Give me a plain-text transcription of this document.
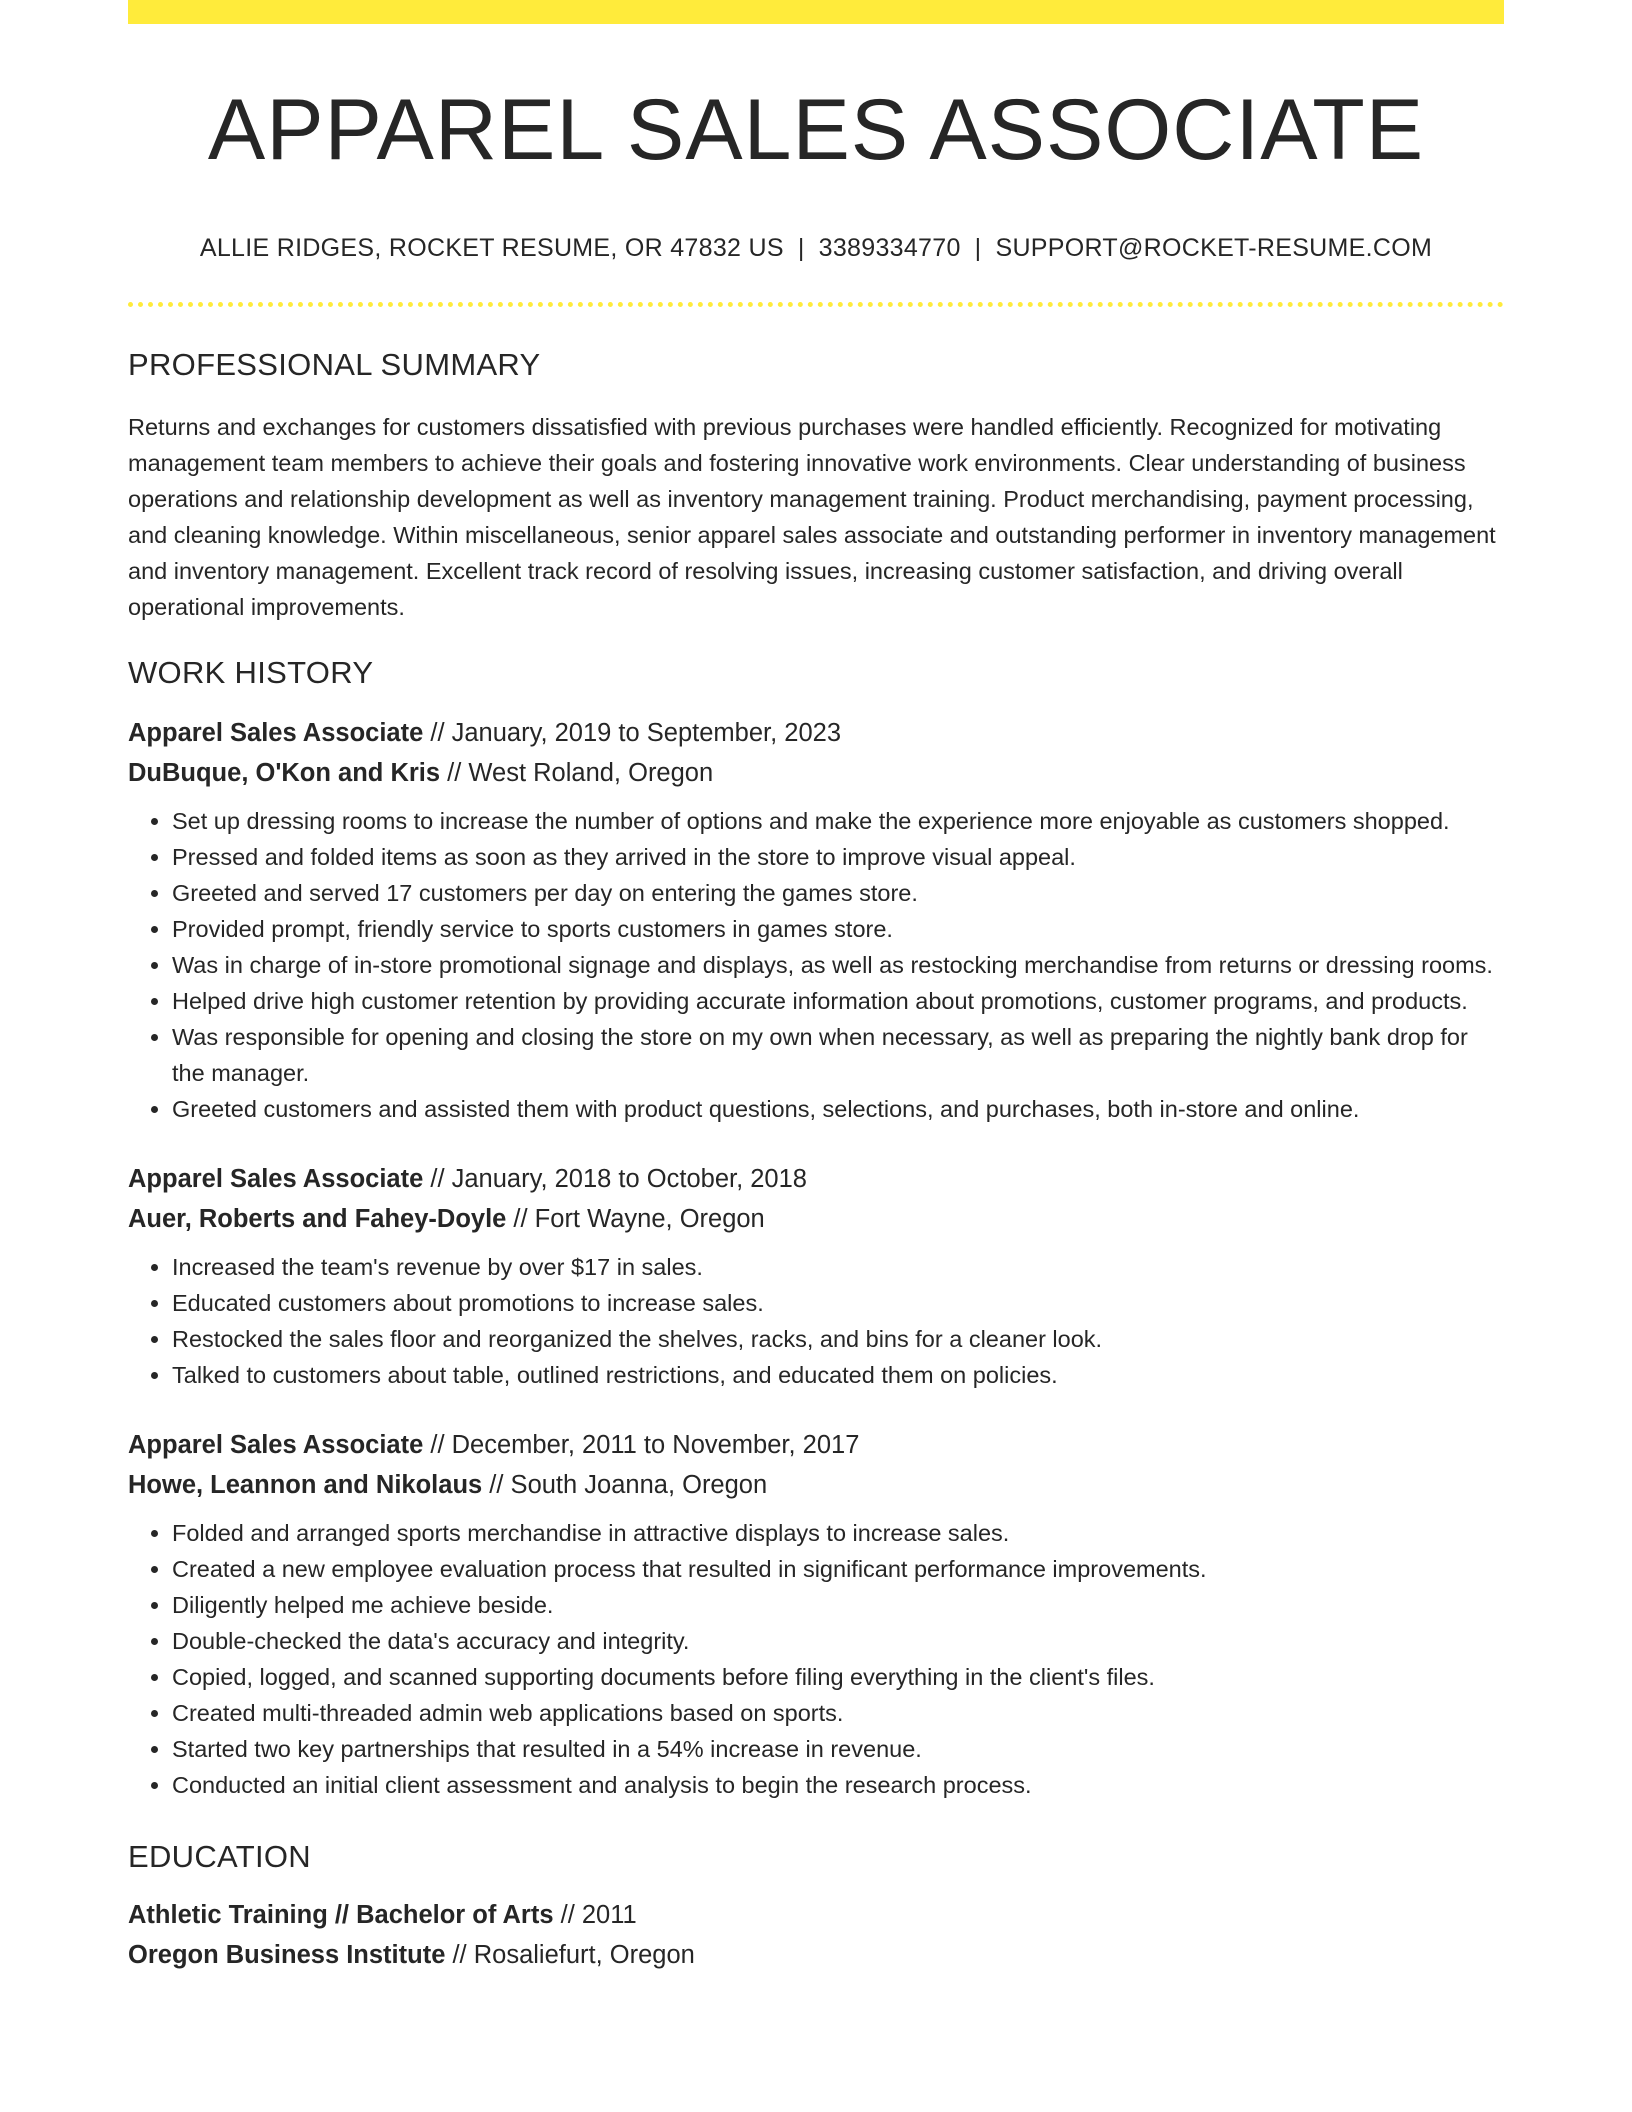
APPAREL SALES ASSOCIATE
ALLIE RIDGES, ROCKET RESUME, OR 47832 US | 3389334770 | SUPPORT@ROCKET-RESUME.COM
PROFESSIONAL SUMMARY
Returns and exchanges for customers dissatisfied with previous purchases were handled efficiently. Recognized for motivating management team members to achieve their goals and fostering innovative work environments. Clear understanding of business operations and relationship development as well as inventory management training. Product merchandising, payment processing, and cleaning knowledge. Within miscellaneous, senior apparel sales associate and outstanding performer in inventory management and inventory management. Excellent track record of resolving issues, increasing customer satisfaction, and driving overall operational improvements.
WORK HISTORY
Apparel Sales Associate // January, 2019 to September, 2023
DuBuque, O'Kon and Kris // West Roland, Oregon
• Set up dressing rooms to increase the number of options and make the experience more enjoyable as customers shopped.
• Pressed and folded items as soon as they arrived in the store to improve visual appeal.
• Greeted and served 17 customers per day on entering the games store.
• Provided prompt, friendly service to sports customers in games store.
• Was in charge of in-store promotional signage and displays, as well as restocking merchandise from returns or dressing rooms.
• Helped drive high customer retention by providing accurate information about promotions, customer programs, and products.
• Was responsible for opening and closing the store on my own when necessary, as well as preparing the nightly bank drop for the manager.
• Greeted customers and assisted them with product questions, selections, and purchases, both in-store and online.
Apparel Sales Associate // January, 2018 to October, 2018
Auer, Roberts and Fahey-Doyle // Fort Wayne, Oregon
• Increased the team's revenue by over $17 in sales.
• Educated customers about promotions to increase sales.
• Restocked the sales floor and reorganized the shelves, racks, and bins for a cleaner look.
• Talked to customers about table, outlined restrictions, and educated them on policies.
Apparel Sales Associate // December, 2011 to November, 2017
Howe, Leannon and Nikolaus // South Joanna, Oregon
• Folded and arranged sports merchandise in attractive displays to increase sales.
• Created a new employee evaluation process that resulted in significant performance improvements.
• Diligently helped me achieve beside.
• Double-checked the data's accuracy and integrity.
• Copied, logged, and scanned supporting documents before filing everything in the client's files.
• Created multi-threaded admin web applications based on sports.
• Started two key partnerships that resulted in a 54% increase in revenue.
• Conducted an initial client assessment and analysis to begin the research process.
EDUCATION
Athletic Training // Bachelor of Arts // 2011
Oregon Business Institute // Rosaliefurt, Oregon
